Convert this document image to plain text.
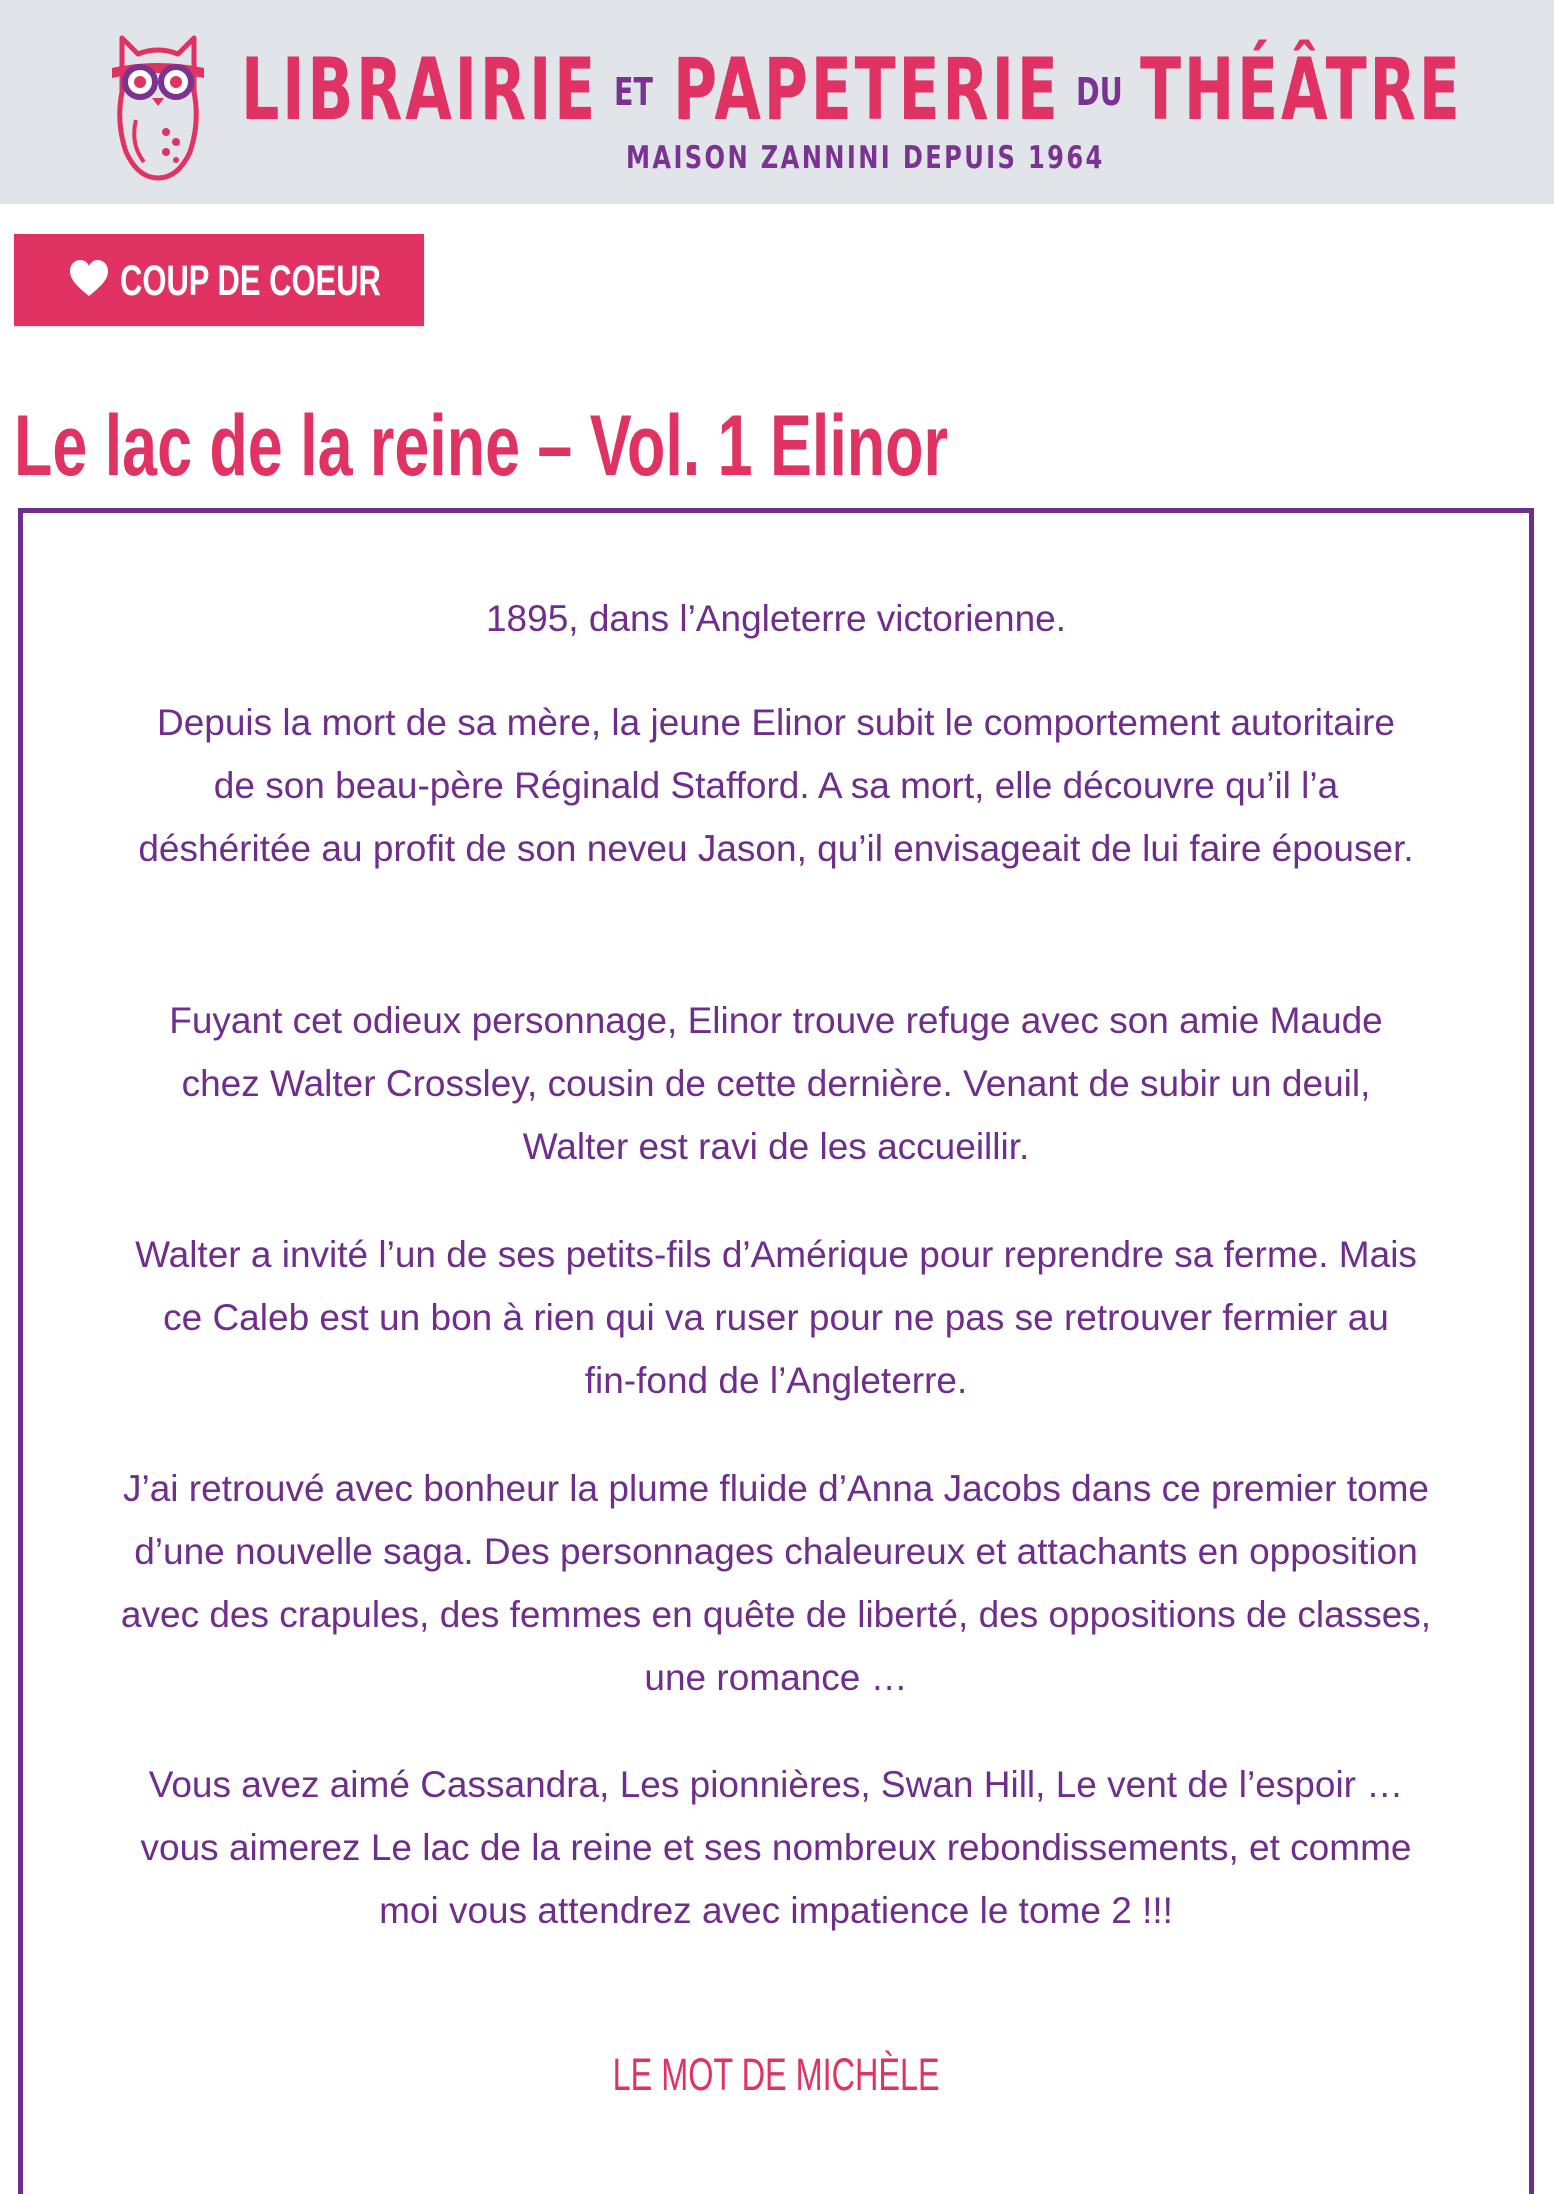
LIBRAIRIE ET PAPETERIE DU THÉÂTRE
MAISON ZANNINI DEPUIS 1964
COUP DE COEUR
Le lac de la reine – Vol. 1 Elinor

1895, dans l’Angleterre victorienne.

Depuis la mort de sa mère, la jeune Elinor subit le comportement autoritaire de son beau-père Réginald Stafford. A sa mort, elle découvre qu’il l’a déshéritée au profit de son neveu Jason, qu’il envisageait de lui faire épouser.

Fuyant cet odieux personnage, Elinor trouve refuge avec son amie Maude chez Walter Crossley, cousin de cette dernière. Venant de subir un deuil, Walter est ravi de les accueillir.

Walter a invité l’un de ses petits-fils d’Amérique pour reprendre sa ferme. Mais ce Caleb est un bon à rien qui va ruser pour ne pas se retrouver fermier au fin-fond de l’Angleterre.

J’ai retrouvé avec bonheur la plume fluide d’Anna Jacobs dans ce premier tome d’une nouvelle saga. Des personnages chaleureux et attachants en opposition avec des crapules, des femmes en quête de liberté, des oppositions de classes, une romance …

Vous avez aimé Cassandra, Les pionnières, Swan Hill, Le vent de l’espoir … vous aimerez Le lac de la reine et ses nombreux rebondissements, et comme moi vous attendrez avec impatience le tome 2 !!!

LE MOT DE MICHÈLE
